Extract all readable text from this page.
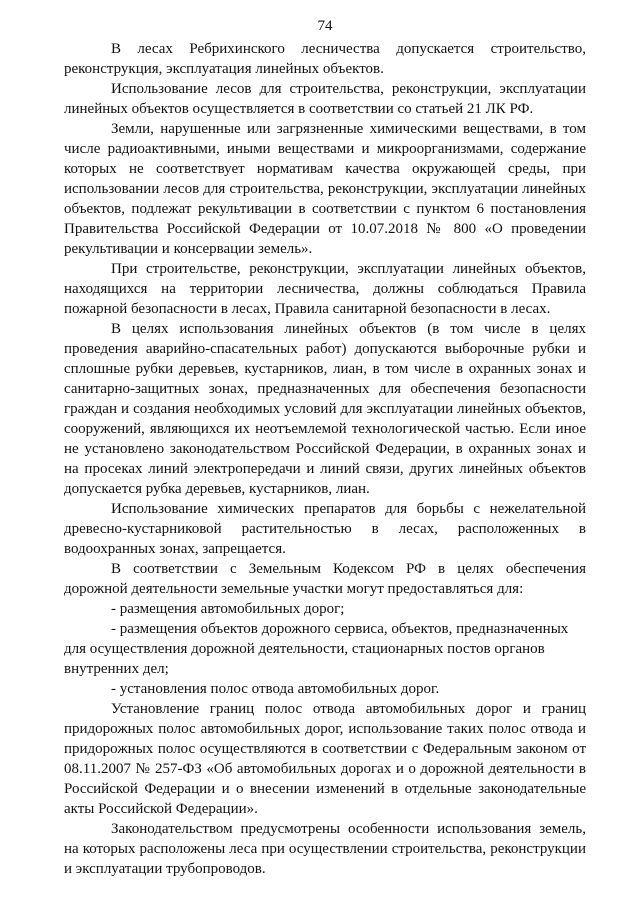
74

В лесах Ребрихинского лесничества допускается строительство, реконструкция, эксплуатация линейных объектов.

Использование лесов для строительства, реконструкции, эксплуатации линейных объектов осуществляется в соответствии со статьей 21 ЛК РФ.

Земли, нарушенные или загрязненные химическими веществами, в том числе радиоактивными, иными веществами и микроорганизмами, содержание которых не соответствует нормативам качества окружающей среды, при использовании лесов для строительства, реконструкции, эксплуатации линейных объектов, подлежат рекультивации в соответствии с пунктом 6 постановления Правительства Российской Федерации от 10.07.2018 № 800 «О проведении рекультивации и консервации земель».

При строительстве, реконструкции, эксплуатации линейных объектов, находящихся на территории лесничества, должны соблюдаться Правила пожарной безопасности в лесах, Правила санитарной безопасности в лесах.

В целях использования линейных объектов (в том числе в целях проведения аварийно-спасательных работ) допускаются выборочные рубки и сплошные рубки деревьев, кустарников, лиан, в том числе в охранных зонах и санитарно-защитных зонах, предназначенных для обеспечения безопасности граждан и создания необходимых условий для эксплуатации линейных объектов, сооружений, являющихся их неотъемлемой технологической частью. Если иное не установлено законодательством Российской Федерации, в охранных зонах и на просеках линий электропередачи и линий связи, других линейных объектов допускается рубка деревьев, кустарников, лиан.

Использование химических препаратов для борьбы с нежелательной древесно-кустарниковой растительностью в лесах, расположенных в водоохранных зонах, запрещается.

В соответствии с Земельным Кодексом РФ в целях обеспечения дорожной деятельности земельные участки могут предоставляться для:

- размещения автомобильных дорог;

- размещения объектов дорожного сервиса, объектов, предназначенных для осуществления дорожной деятельности, стационарных постов органов внутренних дел;

- установления полос отвода автомобильных дорог.

Установление границ полос отвода автомобильных дорог и границ придорожных полос автомобильных дорог, использование таких полос отвода и придорожных полос осуществляются в соответствии с Федеральным законом от 08.11.2007 № 257-ФЗ «Об автомобильных дорогах и о дорожной деятельности в Российской Федерации и о внесении изменений в отдельные законодательные акты Российской Федерации».

Законодательством предусмотрены особенности использования земель, на которых расположены леса при осуществлении строительства, реконструкции и эксплуатации трубопроводов.
